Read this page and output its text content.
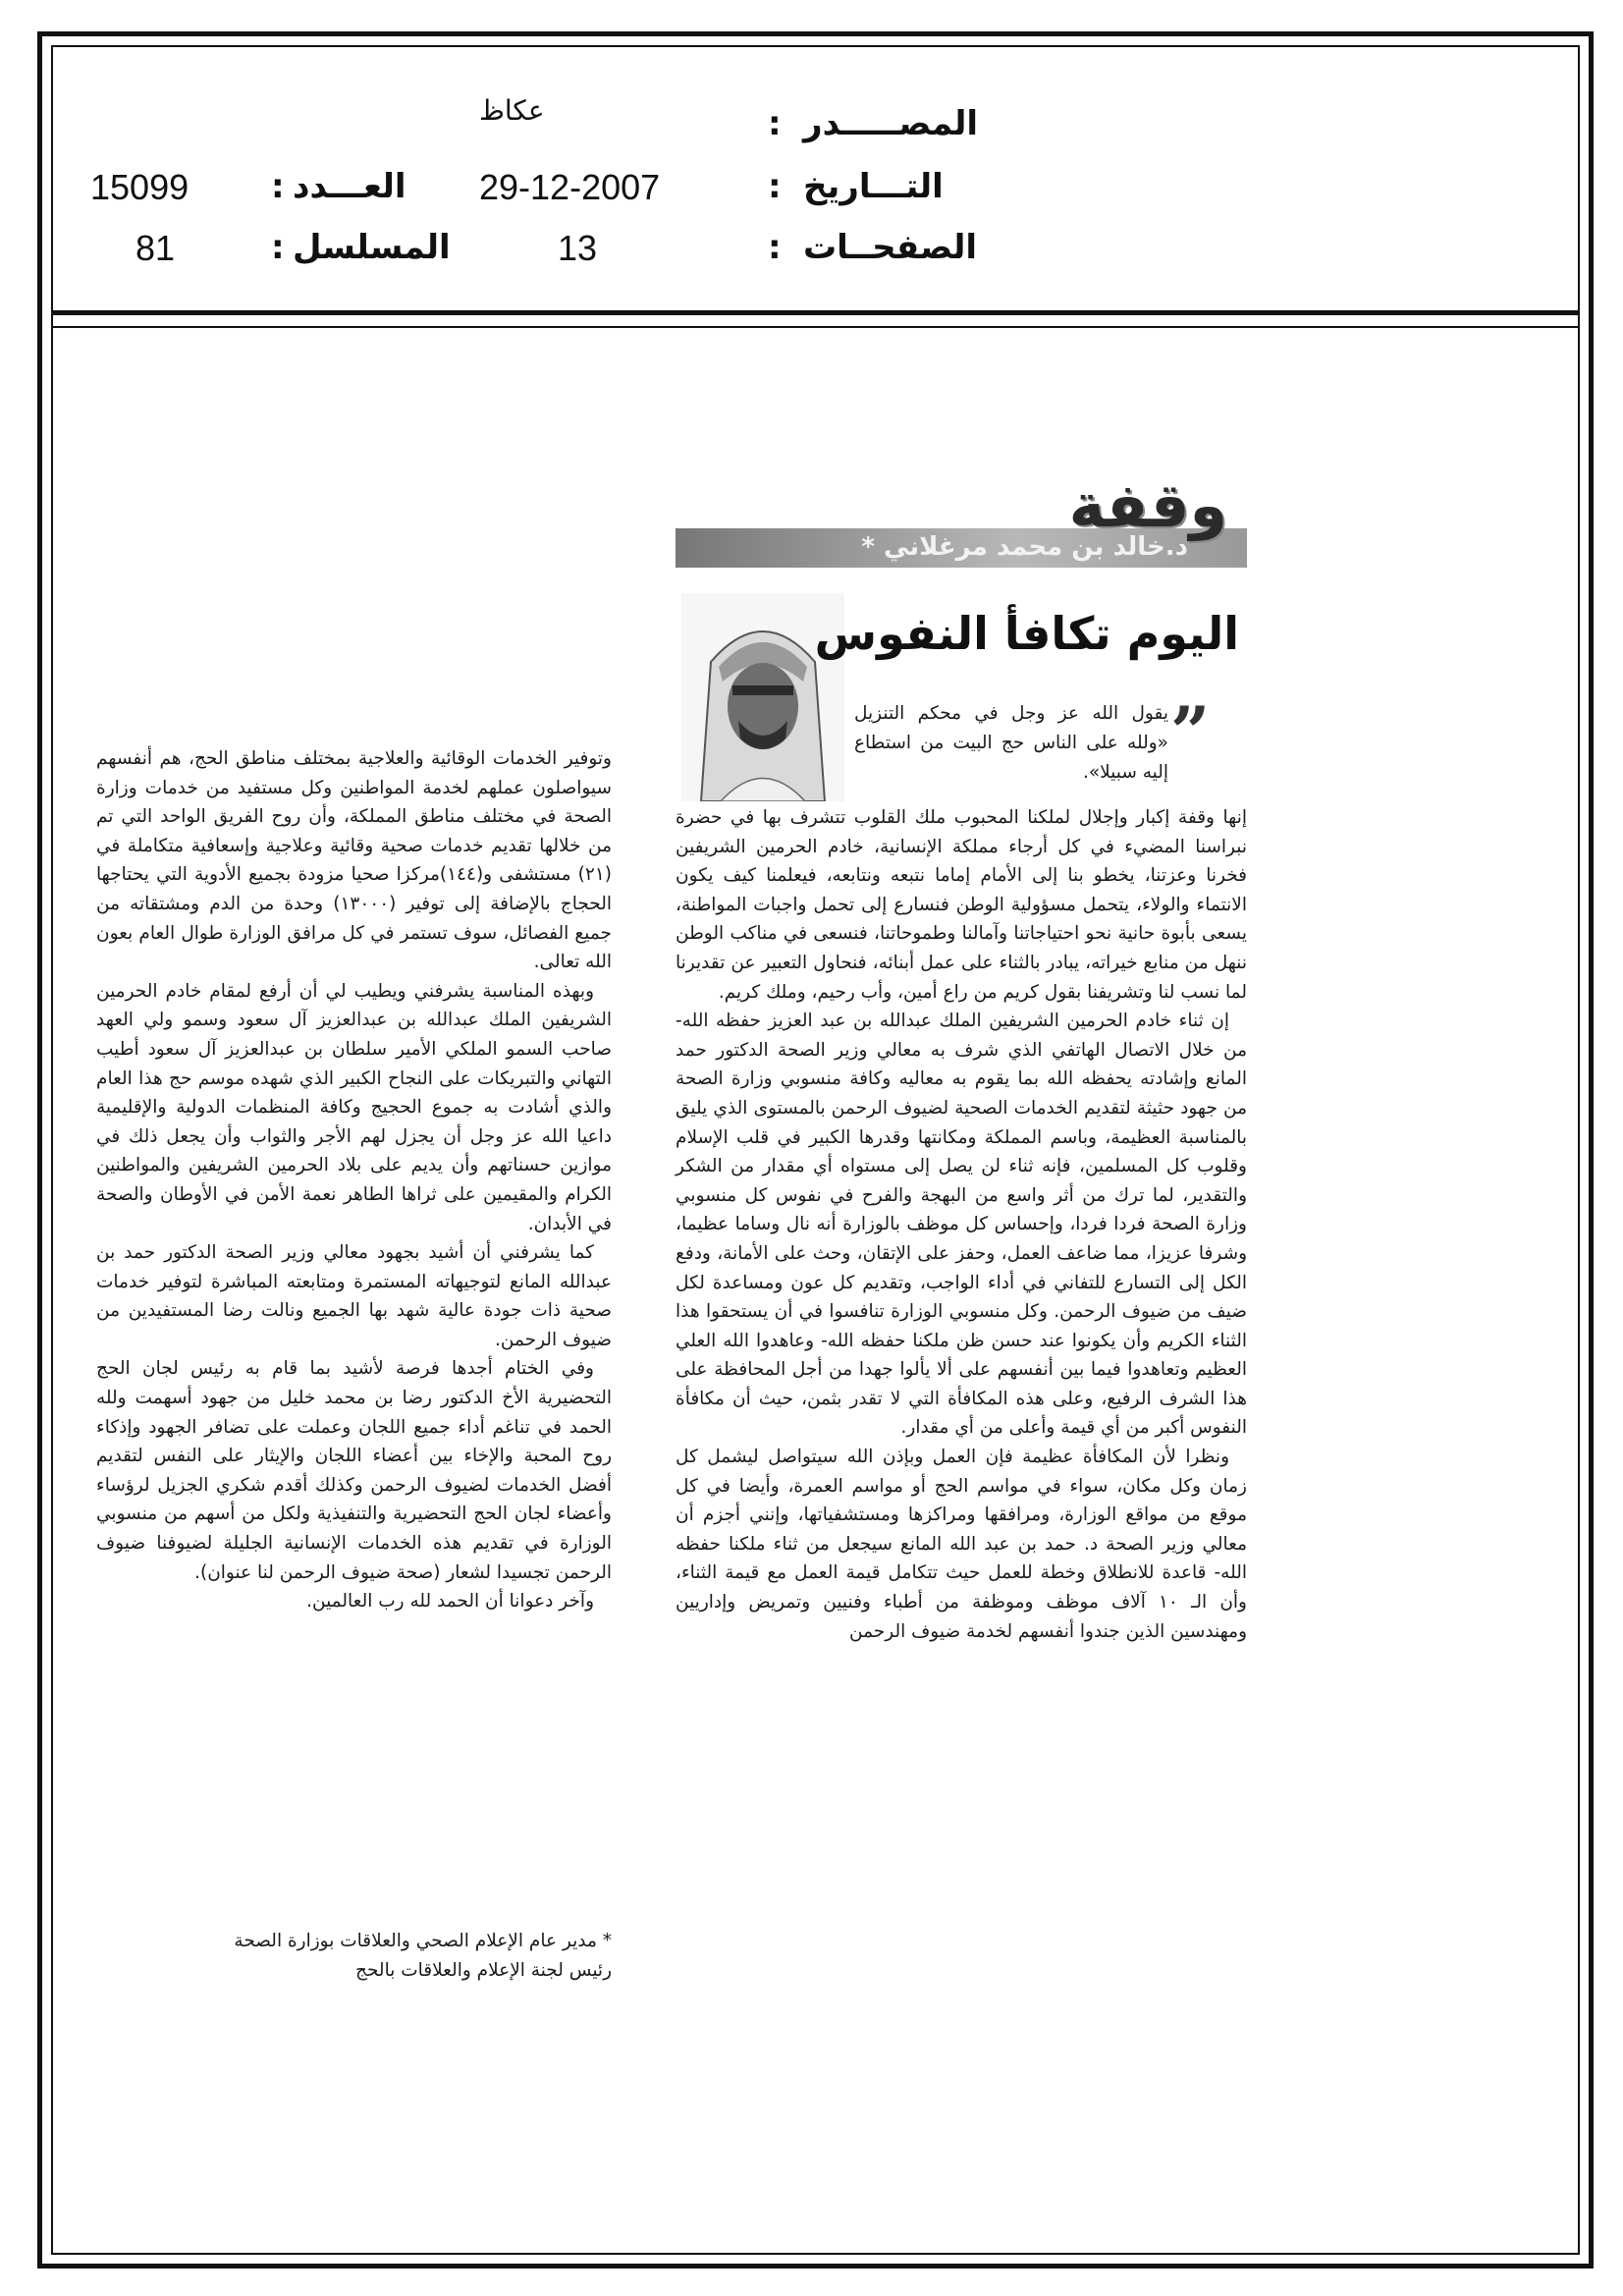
المصـــــدر
:
عكاظ
التـــاريخ
:
29-12-2007
العـــدد
:
15099
الصفحــات
:
13
المسلسل
:
81
وقفة
د.خالد بن محمد مرغلاني *
اليوم تكافأ النفوس
”

يقول الله عز وجل في محكم التنزيل «ولله على الناس حج البيت من استطاع إليه سبيلا».

إنها وقفة إكبار وإجلال لملكنا المحبوب ملك القلوب تتشرف بها في حضرة نبراسنا المضيء في كل أرجاء مملكة الإنسانية، خادم الحرمين الشريفين فخرنا وعزتنا، يخطو بنا إلى الأمام إماما نتبعه ونتابعه، فيعلمنا كيف يكون الانتماء والولاء، يتحمل مسؤولية الوطن فنسارع إلى تحمل واجبات المواطنة، يسعى بأبوة حانية نحو احتياجاتنا وآمالنا وطموحاتنا، فنسعى في مناكب الوطن ننهل من منابع خيراته، يبادر بالثناء على عمل أبنائه، فنحاول التعبير عن تقديرنا لما نسب لنا وتشريفنا بقول كريم من راع أمين، وأب رحيم، وملك كريم.

إن ثناء خادم الحرمين الشريفين الملك عبدالله بن عبد العزيز حفظه الله- من خلال الاتصال الهاتفي الذي شرف به معالي وزير الصحة الدكتور حمد المانع وإشادته يحفظه الله بما يقوم به معاليه وكافة منسوبي وزارة الصحة من جهود حثيثة لتقديم الخدمات الصحية لضيوف الرحمن بالمستوى الذي يليق بالمناسبة العظيمة، وباسم المملكة ومكانتها وقدرها الكبير في قلب الإسلام وقلوب كل المسلمين، فإنه ثناء لن يصل إلى مستواه أي مقدار من الشكر والتقدير، لما ترك من أثر واسع من البهجة والفرح في نفوس كل منسوبي وزارة الصحة فردا فردا، وإحساس كل موظف بالوزارة أنه نال وساما عظيما، وشرفا عزيزا، مما ضاعف العمل، وحفز على الإتقان، وحث على الأمانة، ودفع الكل إلى التسارع للتفاني في أداء الواجب، وتقديم كل عون ومساعدة لكل ضيف من ضيوف الرحمن. وكل منسوبي الوزارة تنافسوا في أن يستحقوا هذا الثناء الكريم وأن يكونوا عند حسن ظن ملكنا حفظه الله- وعاهدوا الله العلي العظيم وتعاهدوا فيما بين أنفسهم على ألا يألوا جهدا من أجل المحافظة على هذا الشرف الرفيع، وعلى هذه المكافأة التي لا تقدر بثمن، حيث أن مكافأة النفوس أكبر من أي قيمة وأعلى من أي مقدار.

ونظرا لأن المكافأة عظيمة فإن العمل وبإذن الله سيتواصل ليشمل كل زمان وكل مكان، سواء في مواسم الحج أو مواسم العمرة، وأيضا في كل موقع من مواقع الوزارة، ومرافقها ومراكزها ومستشفياتها، وإنني أجزم أن معالي وزير الصحة د. حمد بن عبد الله المانع سيجعل من ثناء ملكنا حفظه الله- قاعدة للانطلاق وخطة للعمل حيث تتكامل قيمة العمل مع قيمة الثناء، وأن الـ ١٠ آلاف موظف وموظفة من أطباء وفنيين وتمريض وإداريين ومهندسين الذين جندوا أنفسهم لخدمة ضيوف الرحمن

وتوفير الخدمات الوقائية والعلاجية بمختلف مناطق الحج، هم أنفسهم سيواصلون عملهم لخدمة المواطنين وكل مستفيد من خدمات وزارة الصحة في مختلف مناطق المملكة، وأن روح الفريق الواحد التي تم من خلالها تقديم خدمات صحية وقائية وعلاجية وإسعافية متكاملة في (٢١) مستشفى و(١٤٤)مركزا صحيا مزودة بجميع الأدوية التي يحتاجها الحجاج بالإضافة إلى توفير (١٣٠٠٠) وحدة من الدم ومشتقاته من جميع الفصائل، سوف تستمر في كل مرافق الوزارة طوال العام بعون الله تعالى.

وبهذه المناسبة يشرفني ويطيب لي أن أرفع لمقام خادم الحرمين الشريفين الملك عبدالله بن عبدالعزيز آل سعود وسمو ولي العهد صاحب السمو الملكي الأمير سلطان بن عبدالعزيز آل سعود أطيب التهاني والتبريكات على النجاح الكبير الذي شهده موسم حج هذا العام والذي أشادت به جموع الحجيج وكافة المنظمات الدولية والإقليمية داعيا الله عز وجل أن يجزل لهم الأجر والثواب وأن يجعل ذلك في موازين حسناتهم وأن يديم على بلاد الحرمين الشريفين والمواطنين الكرام والمقيمين على ثراها الطاهر نعمة الأمن في الأوطان والصحة في الأبدان.

كما يشرفني أن أشيد بجهود معالي وزير الصحة الدكتور حمد بن عبدالله المانع لتوجيهاته المستمرة ومتابعته المباشرة لتوفير خدمات صحية ذات جودة عالية شهد بها الجميع ونالت رضا المستفيدين من ضيوف الرحمن.

وفي الختام أجدها فرصة لأشيد بما قام به رئيس لجان الحج التحضيرية الأخ الدكتور رضا بن محمد خليل من جهود أسهمت ولله الحمد في تناغم أداء جميع اللجان وعملت على تضافر الجهود وإذكاء روح المحبة والإخاء بين أعضاء اللجان والإيثار على النفس لتقديم أفضل الخدمات لضيوف الرحمن وكذلك أقدم شكري الجزيل لرؤساء وأعضاء لجان الحج التحضيرية والتنفيذية ولكل من أسهم من منسوبي الوزارة في تقديم هذه الخدمات الإنسانية الجليلة لضيوفنا ضيوف الرحمن تجسيدا لشعار (صحة ضيوف الرحمن لنا عنوان).

وآخر دعوانا أن الحمد لله رب العالمين.

* مدير عام الإعلام الصحي والعلاقات بوزارة الصحة
رئيس لجنة الإعلام والعلاقات بالحج
